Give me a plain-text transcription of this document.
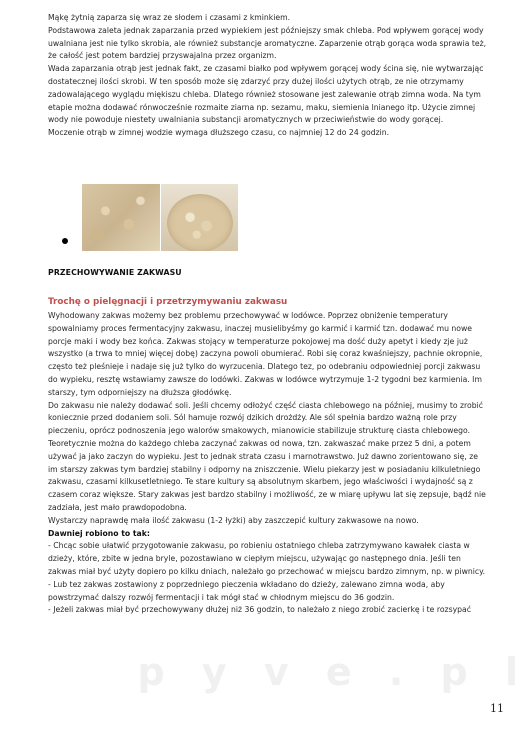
Mąkę żytnią zaparza się wraz ze słodem i czasami z kminkiem.

Podstawowa zaleta jednak zaparzania przed wypiekiem jest późniejszy smak chleba. Pod wpływem gorącej wody uwalniana jest nie tylko skrobia, ale również substancje aromatyczne. Zaparzenie otrąb gorąca woda sprawia też, że całość jest potem bardziej przyswajalna przez organizm.

Wada zaparzania otrąb jest jednak fakt, ze czasami białko pod wpływem gorącej wody ścina się, nie wytwarzając dostatecznej ilości skrobi. W ten sposób może się zdarzyć przy dużej ilości użytych otrąb, ze nie otrzymamy zadowalającego wyglądu miękiszu chleba. Dlatego również stosowane jest zalewanie otrąb zimna woda. Na tym etapie można dodawać rónwocześnie rozmaite ziarna np. sezamu, maku, siemienia lnianego itp. Użycie zimnej wody nie powoduje niestety uwalniania substancji aromatycznych w przeciwieństwie do wody gorącej.

Moczenie otrąb w zimnej wodzie wymaga dłuższego czasu, co najmniej 12 do 24 godzin.

PRZECHOWYWANIE ZAKWASU
Trochę o pielęgnacji i przetrzymywaniu zakwasu

Wyhodowany zakwas możemy bez problemu przechowywać w lodówce. Poprzez obniżenie temperatury spowalniamy proces fermentacyjny zakwasu, inaczej musielibyśmy go karmić i karmić tzn. dodawać mu nowe porcje maki i wody bez końca. Zakwas stojący w temperaturze pokojowej ma dość duży apetyt i kiedy zje już wszystko (a trwa to mniej więcej dobę) zaczyna powoli obumierać. Robi się coraz kwaśniejszy, pachnie okropnie, często też pleśnieje i nadaje się już tylko do wyrzucenia. Dlatego tez, po odebraniu odpowiedniej porcji zakwasu do wypieku, resztę wstawiamy zawsze do lodówki. Zakwas w lodówce wytrzymuje 1-2 tygodni bez karmienia. Im starszy, tym odporniejszy na dłuższa głodówkę.

Do zakwasu nie należy dodawać soli. Jeśli chcemy odłożyć część ciasta chlebowego na później, musimy to zrobić koniecznie przed dodaniem soli. Sól hamuje rozwój dzikich drożdży. Ale sól spełnia bardzo ważną role przy pieczeniu, oprócz podnoszenia jego walorów smakowych, mianowicie stabilizuje strukturę ciasta chlebowego.

Teoretycznie można do każdego chleba zaczynać zakwas od nowa, tzn. zakwaszać make przez 5 dni, a potem używać ja jako zaczyn do wypieku. Jest to jednak strata czasu i marnotrawstwo. Już dawno zorientowano się, ze im starszy zakwas tym bardziej stabilny i odporny na zniszczenie. Wielu piekarzy jest w posiadaniu kilkuletniego zakwasu, czasami kilkusetletniego. Te stare kultury są absolutnym skarbem, jego właściwości i wydajność są z czasem coraz większe. Stary zakwas jest bardzo stabilny i możliwość, ze w miarę upływu lat się zepsuje, bądź nie zadziała, jest mało prawdopodobna.

Wystarczy naprawdę mała ilość zakwasu (1-2 łyżki) aby zaszczepić kultury zakwasowe na nowo.

Dawniej robiono to tak:

- Chcąc sobie ułatwić przygotowanie zakwasu, po robieniu ostatniego chleba zatrzymywano kawałek ciasta w dzieży, które, zbite w jedna bryle, pozostawiano w ciepłym miejscu, używając go następnego dnia. Jeśli ten zakwas miał być użyty dopiero po kilku dniach, należało go przechować w miejscu bardzo zimnym, np. w piwnicy.

- Lub tez zakwas zostawiony z poprzedniego pieczenia wkładano do dzieży, zalewano zimna woda, aby powstrzymać dalszy rozwój fermentacji i tak mógł stać w chłodnym miejscu do 36 godzin.

- Jeżeli zakwas miał być przechowywany dłużej niż 36 godzin, to należało z niego zrobić zacierkę i te rozsypać

p y v e . p l
11
